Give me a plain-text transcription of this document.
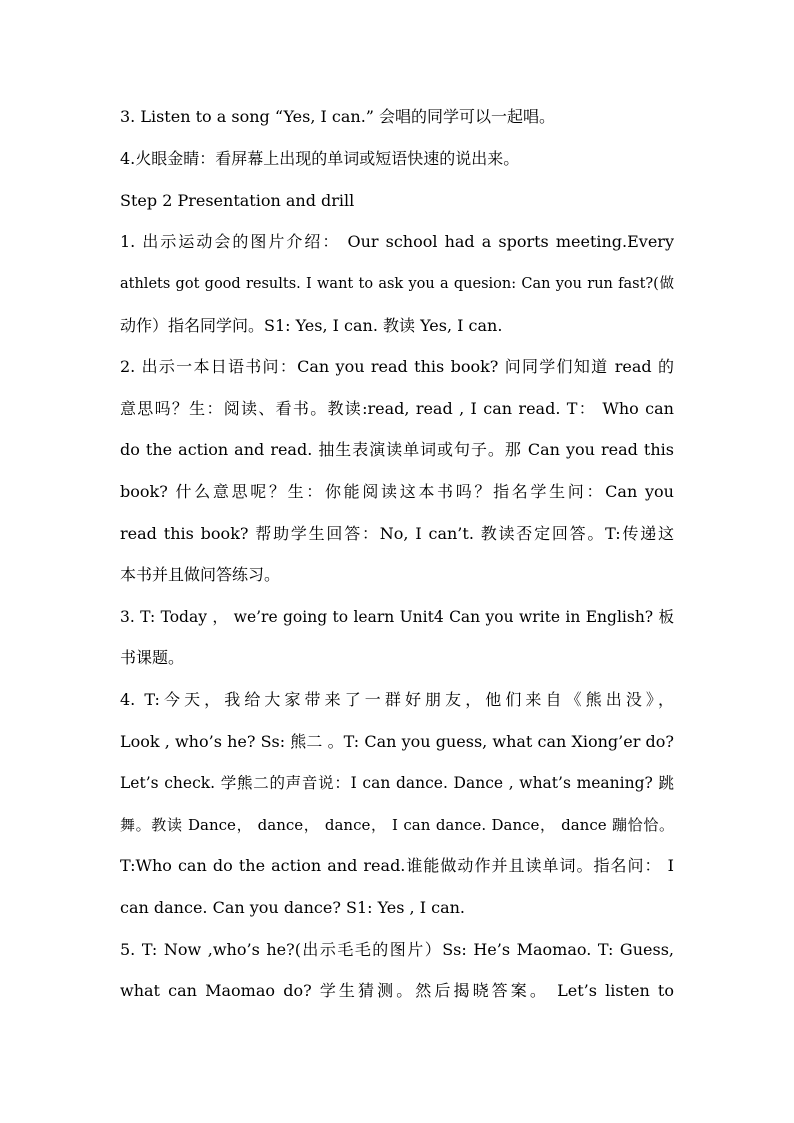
3. Listen to a song “Yes, I can.” 会唱的同学可以一起唱。
4.火眼金睛：看屏幕上出现的单词或短语快速的说出来。
Step 2 Presentation and drill
1. 出示运动会的图片介绍： Our school had a sports meeting.Every
athlets got good results. I want to ask you a quesion: Can you run fast?(做
动作）指名同学问。S1: Yes, I can. 教读 Yes, I can.
2. 出示一本日语书问：Can you read this book? 问同学们知道 read 的
意思吗？生：阅读、看书。教读:read, read , I can read. T： Who can
do the action and read. 抽生表演读单词或句子。那 Can you read this
book? 什么意思呢？生：你能阅读这本书吗？指名学生问：Can you
read this book? 帮助学生回答：No, I can’t. 教读否定回答。T:传递这
本书并且做问答练习。
3. T: Today ， we’re going to learn Unit4 Can you write in English? 板
书课题。
4. T:今天，我给大家带来了一群好朋友，他们来自《熊出没》，
Look , who’s he? Ss: 熊二 。T: Can you guess, what can Xiong’er do?
Let’s check. 学熊二的声音说：I can dance. Dance , what’s meaning? 跳
舞。教读 Dance， dance， dance， I can dance. Dance， dance 蹦恰恰。
T:Who can do the action and read.谁能做动作并且读单词。指名问： I
can dance. Can you dance? S1: Yes , I can.
5. T: Now ,who’s he?(出示毛毛的图片）Ss: He’s Maomao. T: Guess,
what can Maomao do? 学生猜测。然后揭晓答案。 Let’s listen to
